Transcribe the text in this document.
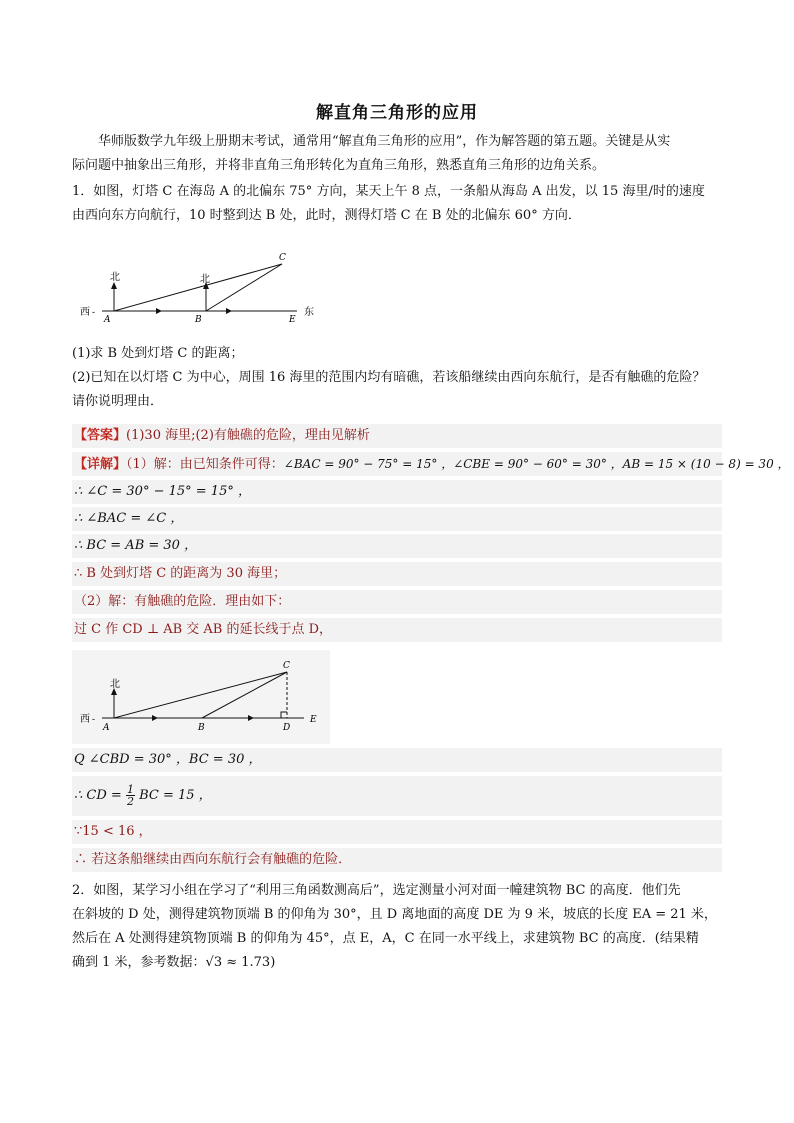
解直角三角形的应用
华师版数学九年级上册期末考试，通常用“解直角三角形的应用”，作为解答题的第五题。关键是从实
际问题中抽象出三角形，并将非直角三角形转化为直角三角形，熟悉直角三角形的边角关系。
1．如图，灯塔 C 在海岛 A 的北偏东 75° 方向，某天上午 8 点，一条船从海岛 A 出发，以 15 海里/时的速度
由西向东方向航行，10 时整到达 B 处，此时，测得灯塔 C 在 B 处的北偏东 60° 方向．
北	北
西	东
A	B
C
E
-
(1)求 B 处到灯塔 C 的距离；
(2)已知在以灯塔 C 为中心，周围 16 海里的范围内均有暗礁，若该船继续由西向东航行，是否有触礁的危险？
请你说明理由．
【答案】(1)30 海里;(2)有触礁的危险，理由见解析
【详解】（1）解：由已知条件可得：∠BAC = 90° − 75° = 15° ，∠CBE = 90° − 60° = 30° ，AB = 15 × (10 − 8) = 30 ，
∴ ∠C = 30° − 15° = 15° ，
∴ ∠BAC = ∠C ，
∴ BC = AB = 30 ，
∴ B 处到灯塔 C 的距离为 30 海里；
（2）解：有触礁的危险．理由如下：
过 C 作 CD ⊥ AB 交 AB 的延长线于点 D，
北
西 -
A	B
C
D
E
Q ∠CBD = 30° ，BC = 30 ，
∴ CD = $\frac{1}{2}$ BC = 15 ，
∵15 < 16 ，
∴ 若这条船继续由西向东航行会有触礁的危险．
2．如图，某学习小组在学习了“利用三角函数测高后”，选定测量小河对面一幢建筑物 BC 的高度．他们先
在斜坡的 D 处，测得建筑物顶端 B 的仰角为 30°，且 D 离地面的高度 DE 为 9 米，坡底的长度 EA = 21 米，
然后在 A 处测得建筑物顶端 B 的仰角为 45°，点 E，A，C 在同一水平线上，求建筑物 BC 的高度．(结果精
确到 1 米，参考数据：√3 ≈ 1.73)
